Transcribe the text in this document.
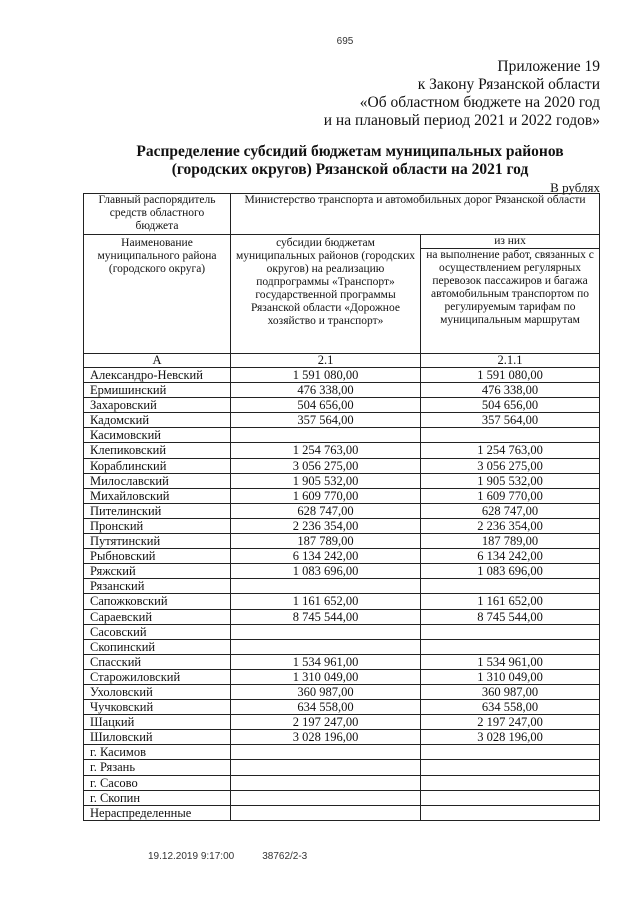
695
Приложение 19
к Закону Рязанской области
«Об областном бюджете на 2020 год
и на плановый период 2021 и 2022 годов»
Распределение субсидий бюджетам муниципальных районов
(городских округов) Рязанской области на 2021 год
В рублях
Главный распорядитель средств областного бюджета	Министерство транспорта и автомобильных дорог Рязанской области	
Наименование муниципального района (городского округа)	субсидии бюджетам муниципальных районов (городских округов) на реализацию подпрограммы «Транспорт» государственной программы Рязанской области «Дорожное хозяйство и транспорт»	из них
		на выполнение работ, связанных с осуществлением регулярных перевозок пассажиров и багажа автомобильным транспортом по регулируемым тарифам по муниципальным маршрутам
А	2.1	2.1.1
Александро-Невский	1 591 080,00	1 591 080,00
Ермишинский	476 338,00	476 338,00
Захаровский	504 656,00	504 656,00
Кадомский	357 564,00	357 564,00
Касимовский		
Клепиковский	1 254 763,00	1 254 763,00
Кораблинский	3 056 275,00	3 056 275,00
Милославский	1 905 532,00	1 905 532,00
Михайловский	1 609 770,00	1 609 770,00
Пителинский	628 747,00	628 747,00
Пронский	2 236 354,00	2 236 354,00
Путятинский	187 789,00	187 789,00
Рыбновский	6 134 242,00	6 134 242,00
Ряжский	1 083 696,00	1 083 696,00
Рязанский		
Сапожковский	1 161 652,00	1 161 652,00
Сараевский	8 745 544,00	8 745 544,00
Сасовский		
Скопинский		
Спасский	1 534 961,00	1 534 961,00
Старожиловский	1 310 049,00	1 310 049,00
Ухоловский	360 987,00	360 987,00
Чучковский	634 558,00	634 558,00
Шацкий	2 197 247,00	2 197 247,00
Шиловский	3 028 196,00	3 028 196,00
г. Касимов		
г. Рязань		
г. Сасово		
г. Скопин		
Нераспределенные		
19.12.2019 9:17:00	38762/2-3
